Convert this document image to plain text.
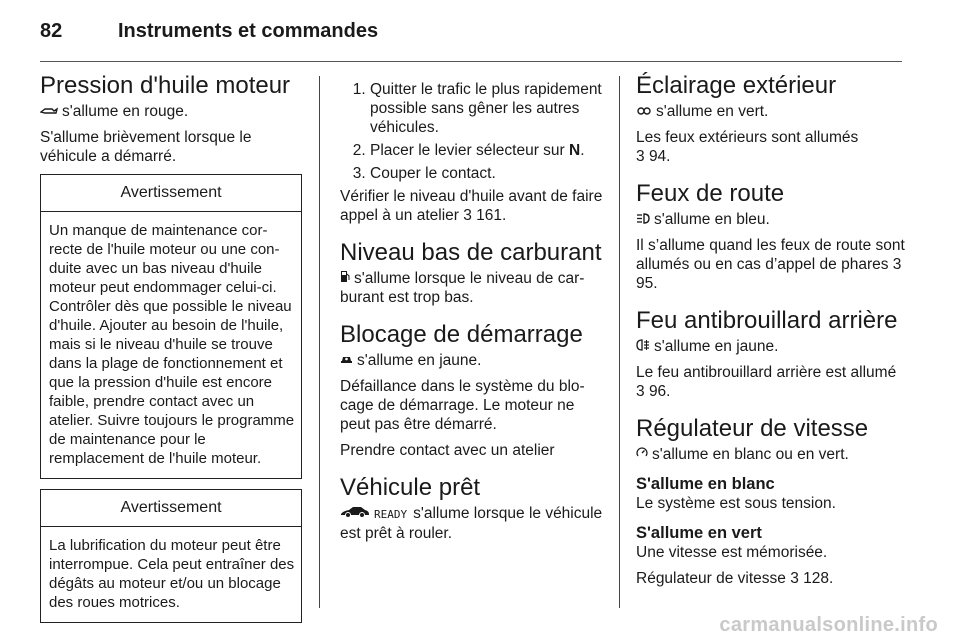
82	Instruments et commandes
Pression d'huile moteur

s'allume en rouge.

S'allume brièvement lorsque le véhicule a démarré.

Avertissement
Un manque de maintenance correcte de l'huile moteur ou une conduite avec un bas niveau d'huile moteur peut endommager celui-ci. Contrôler dès que possible le niveau d'huile. Ajouter au besoin de l'huile, mais si le niveau d'huile se trouve dans la plage de fonctionnement et que la pression d'huile est encore faible, prendre contact avec un atelier. Suivre toujours le programme de maintenance pour le remplacement de l'huile moteur.
Avertissement
La lubrification du moteur peut être interrompue. Cela peut entraîner des dégâts au moteur et/ou un blocage des roues motrices.
1. Quitter le trafic le plus rapidement possible sans gêner les autres véhicules.
2. Placer le levier sélecteur sur N.
3. Couper le contact.

Vérifier le niveau d'huile avant de faire appel à un atelier 3 161.

Niveau bas de carburant

s'allume lorsque le niveau de carburant est trop bas.

Blocage de démarrage

s'allume en jaune.

Défaillance dans le système du blocage de démarrage. Le moteur ne peut pas être démarré.

Prendre contact avec un atelier

Véhicule prêt

READY s'allume lorsque le véhicule est prêt à rouler.

Éclairage extérieur

s'allume en vert.

Les feux extérieurs sont allumés
3 94.

Feux de route

s'allume en bleu.

Il s’allume quand les feux de route sont allumés ou en cas d’appel de phares 3 95.

Feu antibrouillard arrière

s'allume en jaune.

Le feu antibrouillard arrière est allumé
3 96.

Régulateur de vitesse

s'allume en blanc ou en vert.

S'allume en blanc

Le système est sous tension.

S'allume en vert

Une vitesse est mémorisée.

Régulateur de vitesse 3 128.

carmanualsonline.info
